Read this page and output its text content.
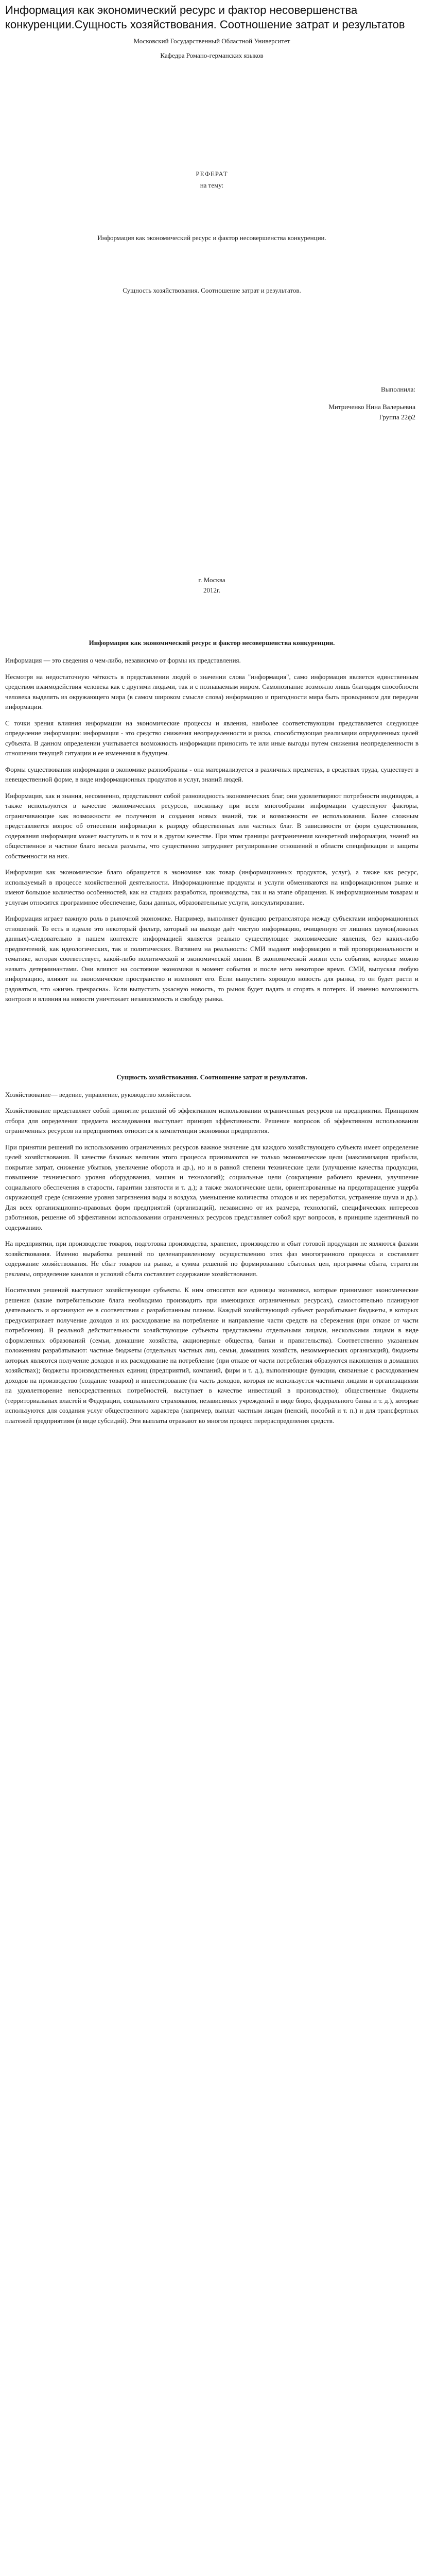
Информация как экономический ресурс и фактор несовершенства конкуренции.Сущность хозяйствования. Соотношение затрат и результатов
Московский Государственный Областной Университет
Кафедра Романо-германских языков
РЕФЕРАТ
на тему:
Информация как экономический ресурс и фактор несовершенства конкуренции.
Сущность хозяйствования. Соотношение затрат и результатов.
Выполнила:
Митриченко Нина Валерьевна
Группа 22ф2
г. Москва
2012г.
Информация как экономический ресурс и фактор несовершенства конкуренции.

Информация — это сведения о чем-либо, независимо от формы их представления.

Несмотря на недостаточную чёткость в представлении людей о значении слова "информация", само информация является единственным средством взаимодействия человека как с другими людьми, так и с познаваемым миром. Самопознание возможно лишь благодаря способности человека выделять из окружающего мира (в самом широком смысле слова) информацию и пригодности мира быть проводником для передачи информации.

С точки зрения влияния информации на экономические процессы и явления, наиболее соответствующим представляется следующее определение информации: информация - это средство снижения неопределенности и риска, способствующая реализации определенных целей субъекта. В данном определении учитывается возможность информации приносить те или иные выгоды путем снижения неопределенности в отношении текущей ситуации и ее изменения в будущем.

Формы существования информации в экономике разнообразны - она материализуется в различных предметах, в средствах труда, существует в невещественной форме, в виде информационных продуктов и услуг, знаний людей.

Информация, как и знания, несомненно, представляют собой разновидность экономических благ, они удовлетворяют потребности индивидов, а также используются в качестве экономических ресурсов, поскольку при всем многообразии информации существуют факторы, ограничивающие как возможности ее получения и создания новых знаний, так и возможности ее использования. Более сложным представляется вопрос об отнесении информации к разряду общественных или частных благ. В зависимости от форм существования, содержания информация может выступать и в том и в другом качестве. При этом границы разграничения конкретной информации, знаний на общественное и частное благо весьма размыты, что существенно затрудняет регулирование отношений в области спецификации и защиты собственности на них.

Информация как экономическое благо обращается в экономике как товар (информационных продуктов, услуг), а также как ресурс, используемый в процессе хозяйственной деятельности. Информационные продукты и услуги обмениваются на информационном рынке и имеют большое количество особенностей, как на стадиях разработки, производства, так и на этапе обращения. К информационным товарам и услугам относится программное обеспечение, базы данных, образовательные услуги, консультирование.

Информация играет важную роль в рыночной экономике. Например, выполняет функцию ретранслятора между субъектами информационных отношений. То есть в идеале это некоторый фильтр, который на выходе даёт чистую информацию, очищенную от лишних шумов(ложных данных)-следовательно в нашем контексте информацией является реально существующие экономические явления, без каких-либо предпочтений, как идеологических, так и политических. Взглянем на реальность: СМИ выдают информацию в той пропорциональности и тематике, которая соответствует, какой-либо политической и экономической линии. В экономической жизни есть события, которые можно назвать детерминантами. Они влияют на состояние экономики в момент события и после него некоторое время. СМИ, выпуская любую информацию, влияют на экономическое пространство и изменяют его. Если выпустить хорошую новость для рынка, то он будет расти и радоваться, что «жизнь прекрасна». Если выпустить ужасную новость, то рынок будет падать и сгорать в потерях. И именно возможность контроля и влияния на новости уничтожает независимость и свободу рынка.

Сущность хозяйствования. Соотношение затрат и результатов.

Хозяйствование— ведение, управление, руководство хозяйством.

Хозяйствование представляет собой принятие решений об эффективном использовании ограниченных ресурсов на предприятии. Принципом отбора для определения предмета исследования выступает принцип эффективности. Решение вопросов об эффективном использовании ограниченных ресурсов на предприятиях относится к компетенции экономики предприятия.

При принятии решений по использованию ограниченных ресурсов важное значение для каждого хозяйствующего субъекта имеет определение целей хозяйствования. В качестве базовых величин этого процесса принимаются не только экономические цели (максимизация прибыли, покрытие затрат, снижение убытков, увеличение оборота и др.), но и в равной степени технические цели (улучшение качества продукции, повышение технического уровня оборудования, машин и технологий); социальные цели (сокращение рабочего времени, улучшение социального обеспечения в старости, гарантии занятости и т. д.); а также экологические цели, ориентированные на предотвращение ущерба окружающей среде (снижение уровня загрязнения воды и воздуха, уменьшение количества отходов и их переработки, устранение шума и др.). Для всех организационно-правовых форм предприятий (организаций), независимо от их размера, технологий, специфических интересов работников, решение об эффективном использовании ограниченных ресурсов представляет собой круг вопросов, в принципе идентичный по содержанию.

На предприятии, при производстве товаров, подготовка производства, хранение, производство и сбыт готовой продукции не являются фазами хозяйствования. Именно выработка решений по целенаправленному осуществлению этих фаз многогранного процесса и составляет содержание хозяйствования. Не сбыт товаров на рынке, а сумма решений по формированию сбытовых цен, программы сбыта, стратегии рекламы, определение каналов и условий сбыта составляет содержание хозяйствования.

Носителями решений выступают хозяйствующие субъекты. К ним относятся все единицы экономики, которые принимают экономические решения (какие потребительские блага необходимо производить при имеющихся ограниченных ресурсах), самостоятельно планируют деятельность и организуют ее в соответствии с разработанным планом. Каждый хозяйствующий субъект разрабатывает бюджеты, в которых предусматривает получение доходов и их расходование на потребление и направление части средств на сбережения (при отказе от части потребления). В реальной действительности хозяйствующие субъекты представлены отдельными лицами, несколькими лицами в виде оформленных образований (семьи, домашние хозяйства, акционерные общества, банки и правительства). Соответственно указанным положениям разрабатывают: частные бюджеты (отдельных частных лиц, семьи, домашних хозяйств, некоммерческих организаций), бюджеты которых являются получение доходов и их расходование на потребление (при отказе от части потребления образуются накопления в домашних хозяйствах); бюджеты производственных единиц (предприятий, компаний, фирм и т. д.), выполняющие функции, связанные с расходованием доходов на производство (создание товаров) и инвестирование (та часть доходов, которая не используется частными лицами и организациями на удовлетворение непосредственных потребностей, выступает в качестве инвестиций в производство); общественные бюджеты (территориальных властей и Федерации, социального страхования, независимых учреждений в виде бюро, федерального банка и т. д.), которые используются для создания услуг общественного характера (например, выплат частным лицам (пенсий, пособий и т. п.) и для трансфертных платежей предприятиям (в виде субсидий). Эти выплаты отражают во многом процесс перераспределения средств.
